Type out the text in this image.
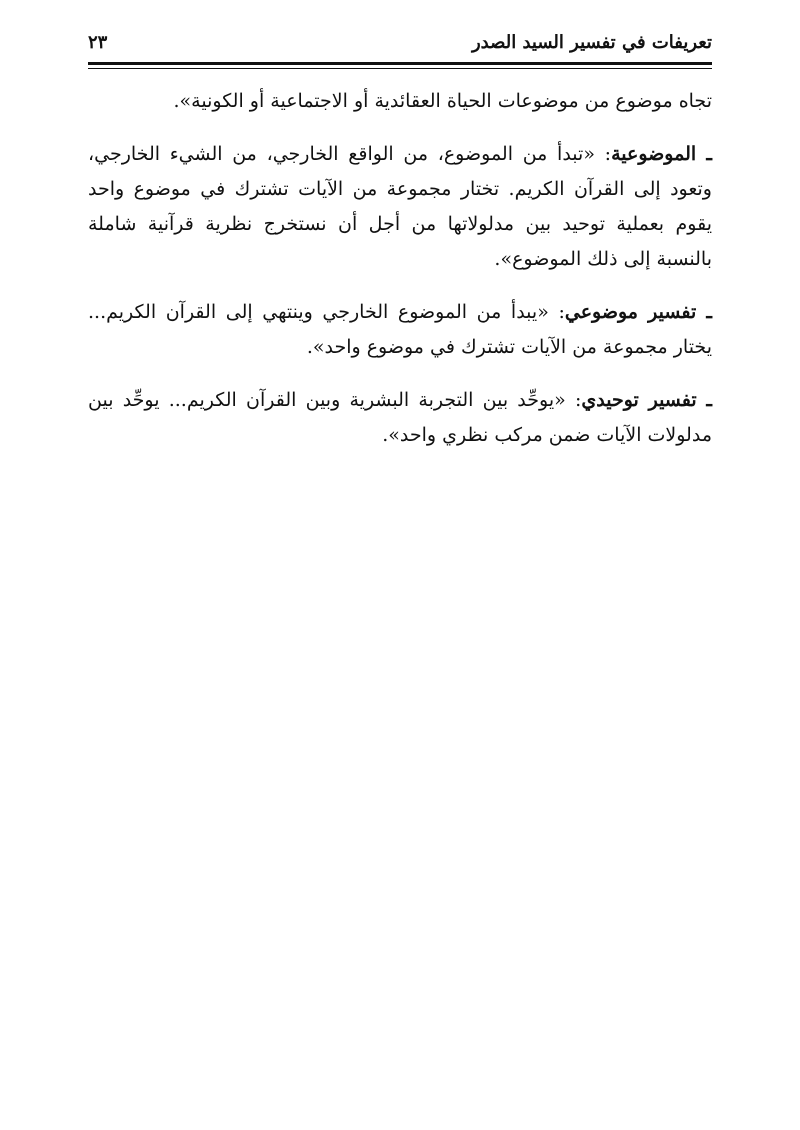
تعريفات في تفسير السيد الصدر
٢٣

تجاه موضوع من موضوعات الحياة العقائدية أو الاجتماعية أو الكونية».

ـ الموضوعية: «تبدأ من الموضوع، من الواقع الخارجي، من الشيء الخارجي، وتعود إلى القرآن الكريم. تختار مجموعة من الآيات تشترك في موضوع واحد يقوم بعملية توحيد بين مدلولاتها من أجل أن نستخرج نظرية قرآنية شاملة بالنسبة إلى ذلك الموضوع».

ـ تفسير موضوعي: «يبدأ من الموضوع الخارجي وينتهي إلى القرآن الكريم... يختار مجموعة من الآيات تشترك في موضوع واحد».

ـ تفسير توحيدي: «يوحِّد بين التجربة البشرية وبين القرآن الكريم... يوحِّد بين مدلولات الآيات ضمن مركب نظري واحد».
